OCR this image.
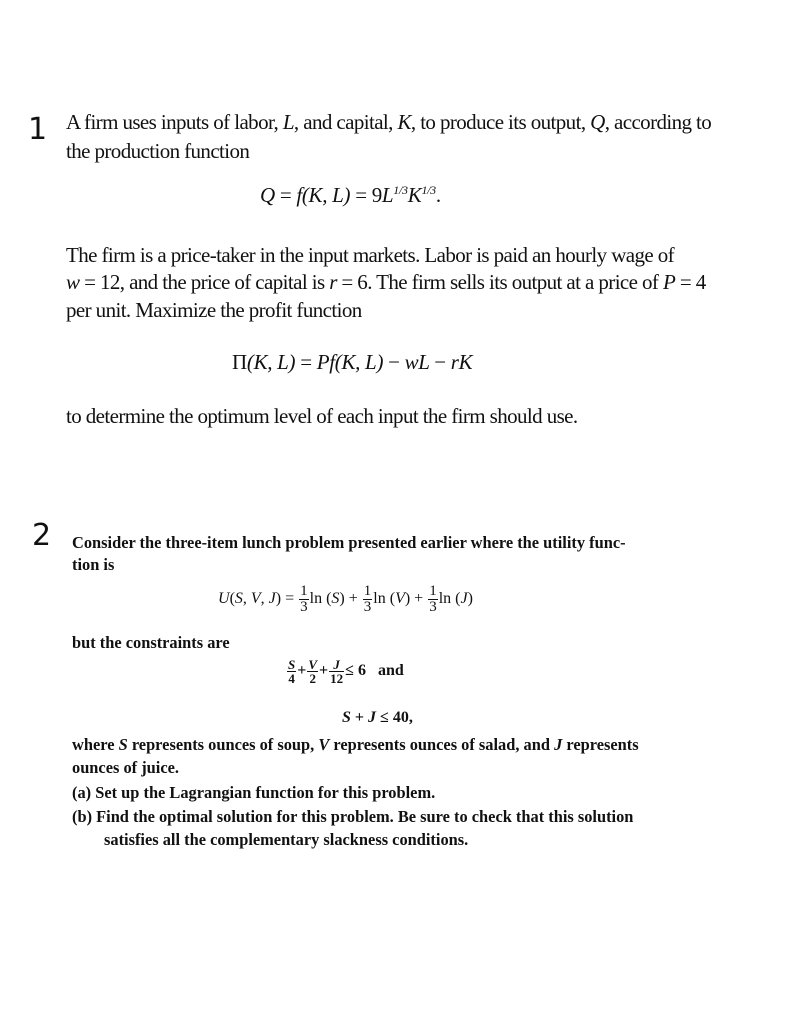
1 A firm uses inputs of labor, L, and capital, K, to produce its output, Q, according to
the production function
Q = f(K, $L) = 9L^{1/3}K^{1/3}$.
The firm is a price-taker in the input markets. Labor is paid an hourly wage of
w = 12, and the price of capital is r = 6. The firm sells its output at a price of P = 4
per unit. Maximize the profit function
Π(K, L) = Pf(K, L) − wL − rK
to determine the optimum level of each input the firm should use.
2 Consider the three-item lunch problem presented earlier where the utility func-
tion is
U(S, V, $J) = \frac{1}{3}$ $\ln (S) + \frac{1}{3}$ $\ln (V) + \frac{1}{3}$ ln (J)
but the constraints are
$\frac{S}{4} + \frac{V}{2} + \frac{J}{12} \le 6$   and
S + J ≤ 40,
where S represents ounces of soup, V represents ounces of salad, and J represents
ounces of juice.
(a) Set up the Lagrangian function for this problem.
(b) Find the optimal solution for this problem. Be sure to check that this solution
satisfies all the complementary slackness conditions.
